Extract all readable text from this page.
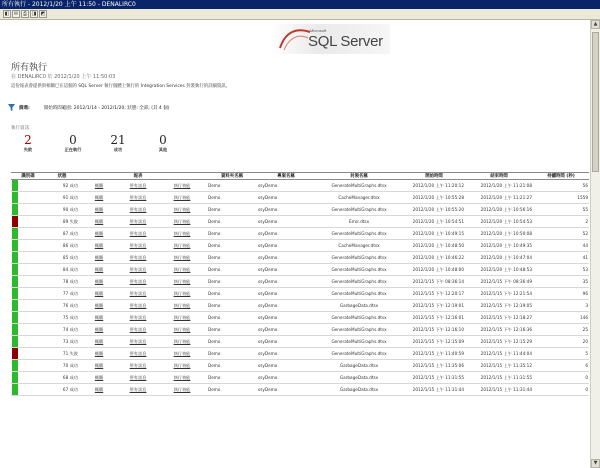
所有執行 - 2012/1/20 上午 11:50 - DENALIRC0
◧ ✉ ⎙ ◨ ◩
Microsoft
SQL Server
所有執行
在 DENALIRC0 於 2012/1/20 上午 11:50:03
這份報表會提供與相關已在這個的 SQL Server 執行個體上執行的 Integration Services 封裝執行的詳細資訊。
篩選:	開始時間範圍: 2012/1/14 - 2012/1/20; 狀態: 全部; (其 4 個)
執行資訊
2
失敗
0
正在執行
21
成功
0
其他
識別碼	狀態		報表		資料夾名稱	專案名稱	封裝名稱	開始時間	結束時間	持續時間 (秒)

	92 成功	概觀	所有訊息	執行效能	Demo	ssyDemo	GenerateMultiGraphs.dtsx	2012/1/20 上午 11:20:12	2012/1/20 上午 11:21:08	56

	91 成功	概觀	所有訊息	執行效能	Demo	ssyDemo	CacheManager.dtsx	2012/1/20 上午 10:55:28	2012/1/20 上午 11:21:27	1559

	90 成功	概觀	所有訊息	執行效能	Demo	ssyDemo	GenerateMultiGraphs.dtsx	2012/1/20 上午 10:55:20	2012/1/20 上午 10:56:16	55

	89 失敗	概觀	所有訊息	執行效能	Demo	ssyDemo	Error.dtsx	2012/1/20 上午 10:54:51	2012/1/20 上午 10:54:53	2

	87 成功	概觀	所有訊息	執行效能	Demo	ssyDemo	GenerateMultiGraphs.dtsx	2012/1/20 上午 10:49:15	2012/1/20 上午 10:50:08	52

	86 成功	概觀	所有訊息	執行效能	Demo	ssyDemo	CacheManager.dtsx	2012/1/20 上午 10:48:50	2012/1/20 上午 10:49:35	44

	85 成功	概觀	所有訊息	執行效能	Demo	ssyDemo	GenerateMultiGraphs.dtsx	2012/1/20 上午 10:46:22	2012/1/20 上午 10:47:04	41

	84 成功	概觀	所有訊息	執行效能	Demo	ssyDemo	GenerateMultiGraphs.dtsx	2012/1/20 上午 10:48:00	2012/1/20 上午 10:48:53	53

	78 成功	概觀	所有訊息	執行效能	Demo	ssyDemo	GenerateMultiGraphs.dtsx	2012/1/15 下午 08:36:14	2012/1/15 下午 08:36:49	35

	77 成功	概觀	所有訊息	執行效能	Demo	ssyDemo	GenerateMultiGraphs.dtsx	2012/1/15 下午 12:20:17	2012/1/15 下午 12:21:54	96

	76 成功	概觀	所有訊息	執行效能	Demo	ssyDemo	GarbageData.dtsx	2012/1/15 下午 12:19:01	2012/1/15 下午 12:19:05	3

	75 成功	概觀	所有訊息	執行效能	Demo	ssyDemo	GenerateMultiGraphs.dtsx	2012/1/15 下午 12:16:01	2012/1/15 下午 12:18:27	146

	74 成功	概觀	所有訊息	執行效能	Demo	ssyDemo	GenerateMultiGraphs.dtsx	2012/1/15 下午 12:16:10	2012/1/15 下午 12:16:36	25

	73 成功	概觀	所有訊息	執行效能	Demo	ssyDemo	GenerateMultiGraphs.dtsx	2012/1/15 下午 12:15:09	2012/1/15 下午 12:15:29	20

	71 失敗	概觀	所有訊息	執行效能	Demo	ssyDemo	GenerateMultiGraphs.dtsx	2012/1/15 上午 11:40:59	2012/1/15 上午 11:44:04	5

	70 成功	概觀	所有訊息	執行效能	Demo	ssyDemo	GarbageData.dtsx	2012/1/15 上午 11:35:06	2012/1/15 上午 11:35:12	6

	68 成功	概觀	所有訊息	執行效能	Demo	ssyDemo	GarbageData.dtsx	2012/1/15 上午 11:31:55	2012/1/15 上午 11:31:55	0

	67 成功	概觀	所有訊息	執行效能	Demo	ssyDemo	GarbageData.dtsx	2012/1/15 上午 11:31:44	2012/1/15 上午 11:31:44	0
▲
▼
